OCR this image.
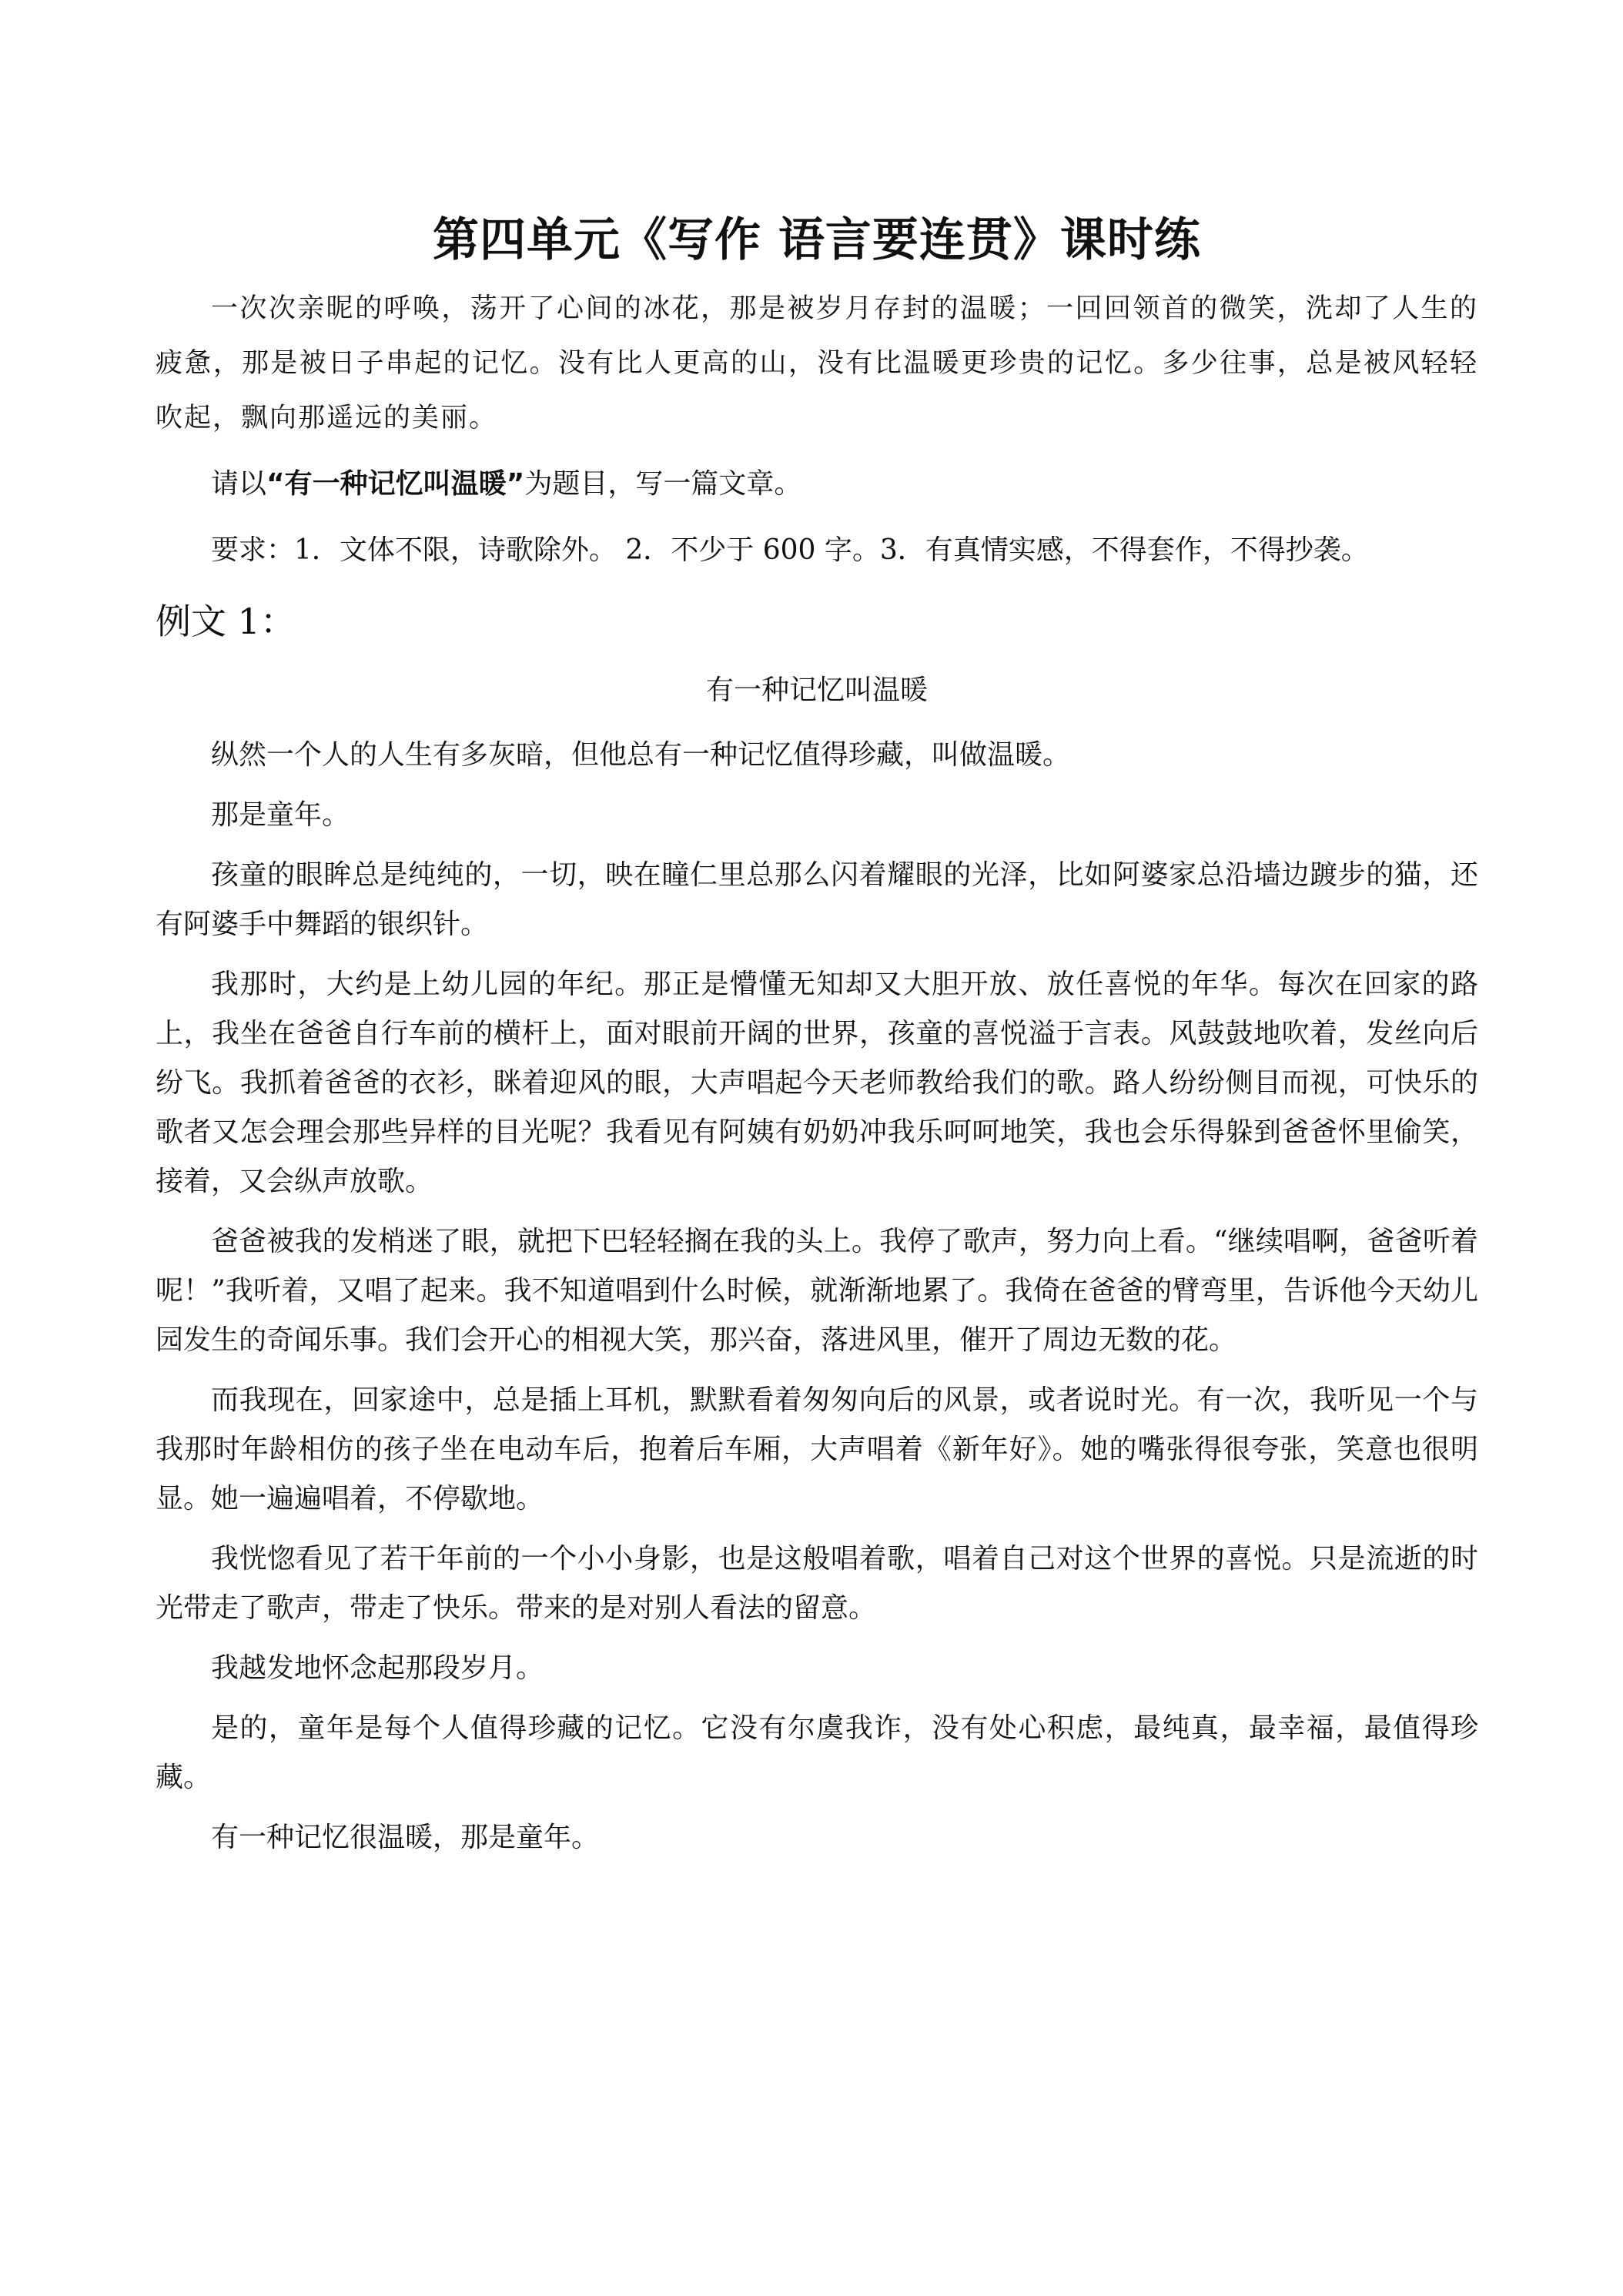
第四单元《写作 语言要连贯》课时练

一次次亲昵的呼唤，荡开了心间的冰花，那是被岁月存封的温暖；一回回领首的微笑，洗却了人生的疲惫，那是被日子串起的记忆。没有比人更高的山，没有比温暖更珍贵的记忆。多少往事，总是被风轻轻吹起，飘向那遥远的美丽。

请以“有一种记忆叫温暖”为题目，写一篇文章。

要求：1．文体不限，诗歌除外。 2．不少于 600 字。3．有真情实感，不得套作，不得抄袭。

例文 1：
有一种记忆叫温暖

纵然一个人的人生有多灰暗，但他总有一种记忆值得珍藏，叫做温暖。

那是童年。

孩童的眼眸总是纯纯的，一切，映在瞳仁里总那么闪着耀眼的光泽，比如阿婆家总沿墙边踱步的猫，还有阿婆手中舞蹈的银织针。

我那时，大约是上幼儿园的年纪。那正是懵懂无知却又大胆开放、放任喜悦的年华。每次在回家的路上，我坐在爸爸自行车前的横杆上，面对眼前开阔的世界，孩童的喜悦溢于言表。风鼓鼓地吹着，发丝向后纷飞。我抓着爸爸的衣衫，眯着迎风的眼，大声唱起今天老师教给我们的歌。路人纷纷侧目而视，可快乐的歌者又怎会理会那些异样的目光呢？我看见有阿姨有奶奶冲我乐呵呵地笑，我也会乐得躲到爸爸怀里偷笑，接着，又会纵声放歌。

爸爸被我的发梢迷了眼，就把下巴轻轻搁在我的头上。我停了歌声，努力向上看。“继续唱啊，爸爸听着呢！”我听着，又唱了起来。我不知道唱到什么时候，就渐渐地累了。我倚在爸爸的臂弯里，告诉他今天幼儿园发生的奇闻乐事。我们会开心的相视大笑，那兴奋，落进风里，催开了周边无数的花。

而我现在，回家途中，总是插上耳机，默默看着匆匆向后的风景，或者说时光。有一次，我听见一个与我那时年龄相仿的孩子坐在电动车后，抱着后车厢，大声唱着《新年好》。她的嘴张得很夸张，笑意也很明显。她一遍遍唱着，不停歇地。

我恍惚看见了若干年前的一个小小身影，也是这般唱着歌，唱着自己对这个世界的喜悦。只是流逝的时光带走了歌声，带走了快乐。带来的是对别人看法的留意。

我越发地怀念起那段岁月。

是的，童年是每个人值得珍藏的记忆。它没有尔虞我诈，没有处心积虑，最纯真，最幸福，最值得珍藏。

有一种记忆很温暖，那是童年。
